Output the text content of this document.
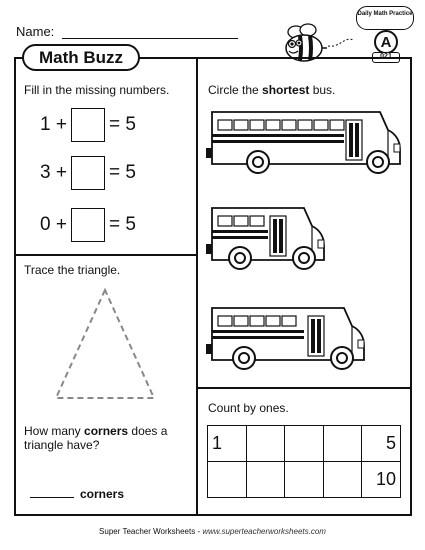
Name:
Daily Math Practice
A
021
Math Buzz
Fill in the missing numbers.
1 + = 5
3 + = 5
0 + = 5
Trace the triangle.
How many corners does a triangle have?
corners
Circle the shortest bus.
Count by ones.
1				5
				10
Super Teacher Worksheets - www.superteacherworksheets.com
